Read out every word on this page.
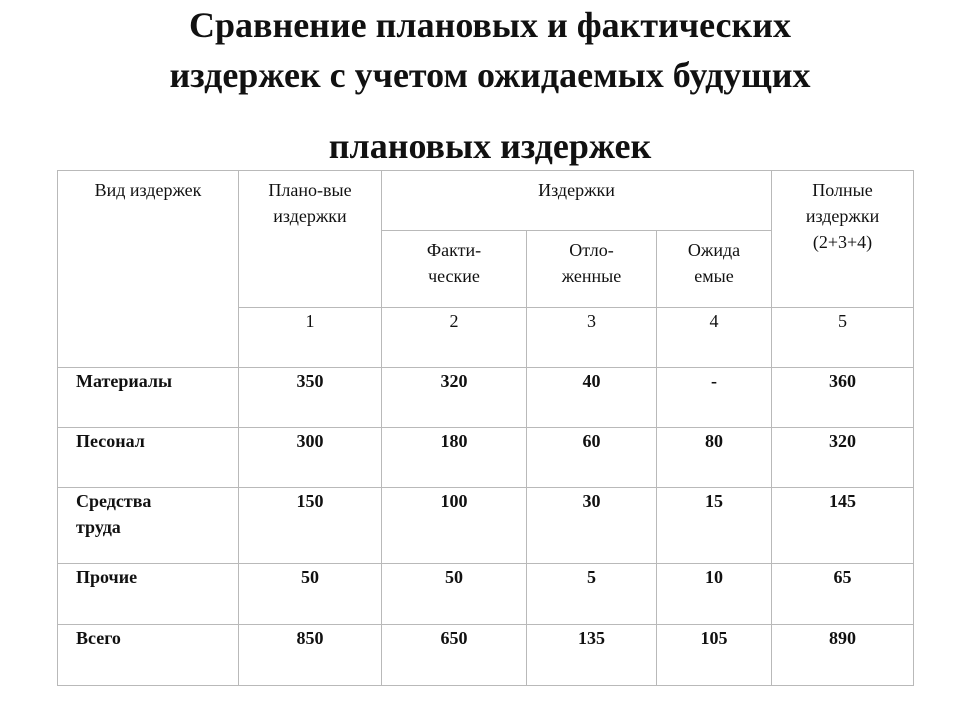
Сравнение плановых и фактических
издержек с учетом ожидаемых будущих
плановых издержек
Вид издержек	Плано-вые издержки	Издержки			Полные издержки (2+3+4)
		Факти-ческие	Отло-женные	Ожида емые	
	1	2	3	4	5
Материалы	350	320	40	-	360
Песонал	300	180	60	80	320
Средства труда	150	100	30	15	145
Прочие	50	50	5	10	65
Всего	850	650	135	105	890
